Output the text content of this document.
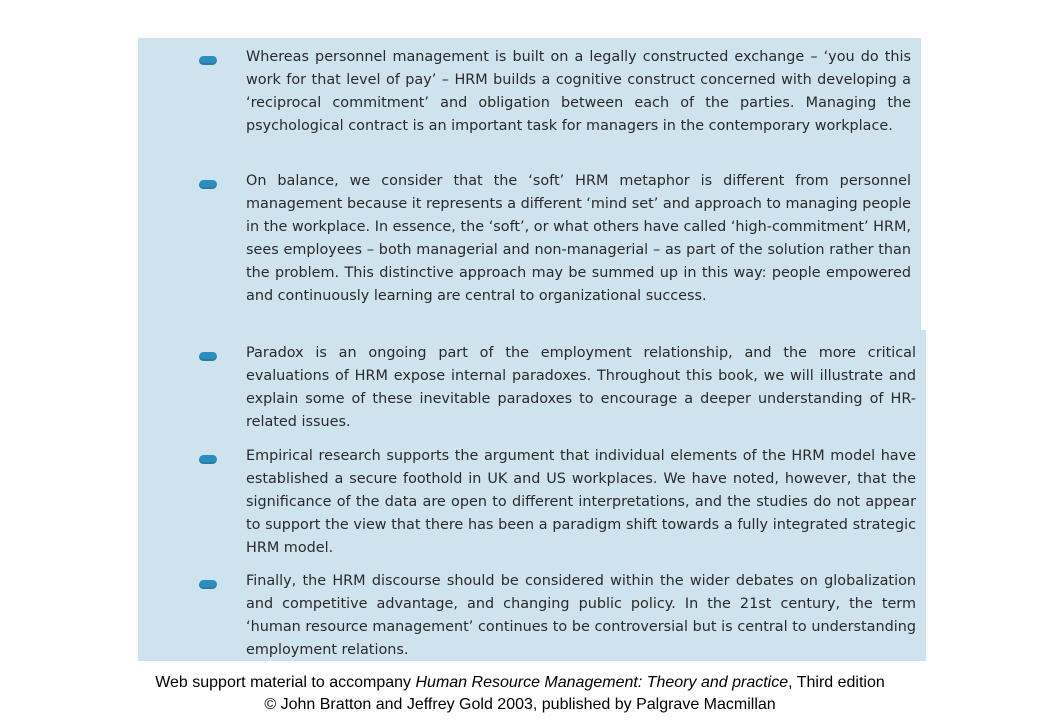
Whereas personnel management is built on a legally constructed exchange – ‘you do this work for that level of pay’ – HRM builds a cognitive construct concerned with developing a ‘reciprocal commitment’ and obligation between each of the parties. Managing the psychological contract is an important task for managers in the contemporary workplace.

On balance, we consider that the ‘soft’ HRM metaphor is different from personnel management because it represents a different ‘mind set’ and approach to managing people in the workplace. In essence, the ‘soft’, or what others have called ‘high-commitment’ HRM, sees employees – both managerial and non-managerial – as part of the solution rather than the problem. This distinctive approach may be summed up in this way: people empowered and continuously learning are central to organizational success.

Paradox is an ongoing part of the employment relationship, and the more critical evaluations of HRM expose internal paradoxes. Throughout this book, we will illustrate and explain some of these inevitable paradoxes to encourage a deeper understanding of HR-related issues.

Empirical research supports the argument that individual elements of the HRM model have established a secure foothold in UK and US workplaces. We have noted, however, that the significance of the data are open to different interpretations, and the studies do not appear to support the view that there has been a paradigm shift towards a fully integrated strategic HRM model.

Finally, the HRM discourse should be considered within the wider debates on globalization and competitive advantage, and changing public policy. In the 21st century, the term ‘human resource management’ continues to be controversial but is central to understanding employment relations.

Web support material to accompany Human Resource Management: Theory and practice, Third edition

© John Bratton and Jeffrey Gold 2003, published by Palgrave Macmillan
